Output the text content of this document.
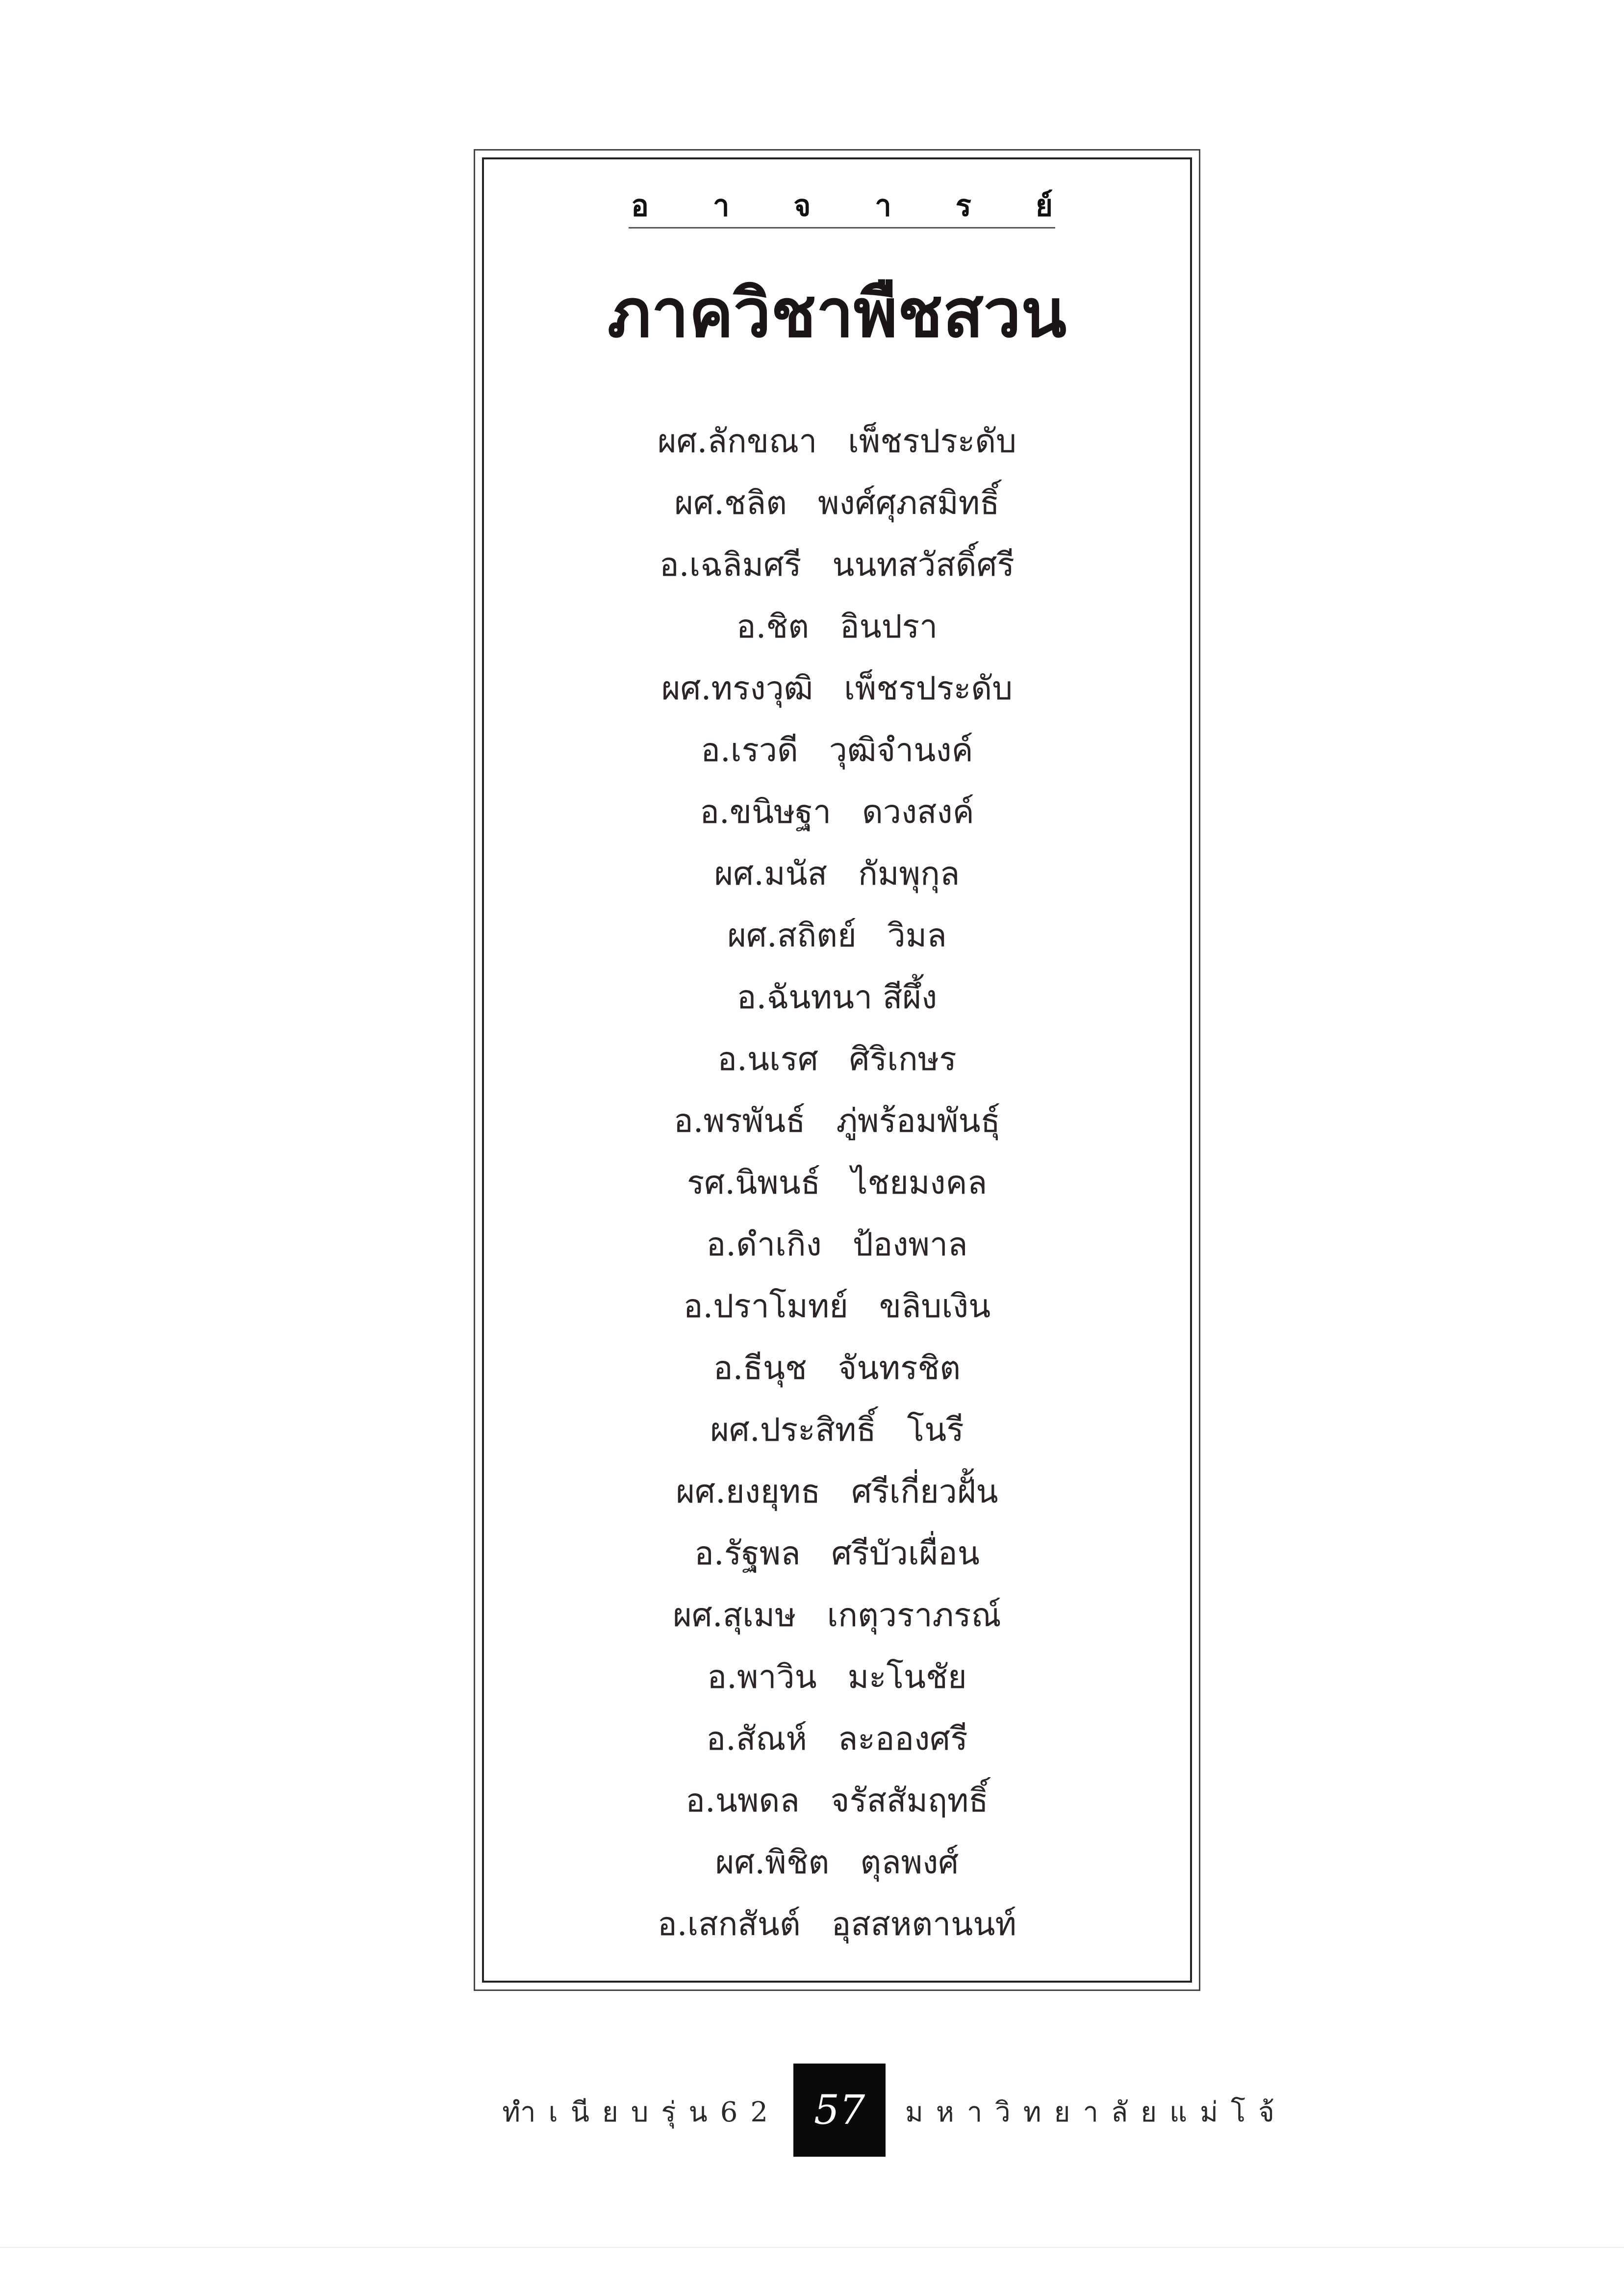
อ า จ า ร ย์
ภาควิชาพืชสวน
ผศ.ลักขณา   เพ็ชรประดับ
ผศ.ชลิต   พงศ์ศุภสมิทธิ์
อ.เฉลิมศรี   นนทสวัสดิ์ศรี
อ.ชิต   อินปรา
ผศ.ทรงวุฒิ   เพ็ชรประดับ
อ.เรวดี   วุฒิจำนงค์
อ.ขนิษฐา   ดวงสงค์
ผศ.มนัส   กัมพุกุล
ผศ.สถิตย์   วิมล
อ.ฉันทนา สีผึ้ง
อ.นเรศ   ศิริเกษร
อ.พรพันธ์   ภู่พร้อมพันธุ์
รศ.นิพนธ์   ไชยมงคล
อ.ดำเกิง   ป้องพาล
อ.ปราโมทย์   ขลิบเงิน
อ.ธีนุช   จันทรชิต
ผศ.ประสิทธิ์   โนรี
ผศ.ยงยุทธ   ศรีเกี่ยวฝั้น
อ.รัฐพล   ศรีบัวเผื่อน
ผศ.สุเมษ   เกตุวราภรณ์
อ.พาวิน   มะโนชัย
อ.สัณห์   ละอองศรี
อ.นพดล   จรัสสัมฤทธิ์
ผศ.พิชิต   ตุลพงศ์
อ.เสกสันต์   อุสสหตานนท์
ทำเนียบรุ่น62 57 มหาวิทยาลัยแม่โจ้
